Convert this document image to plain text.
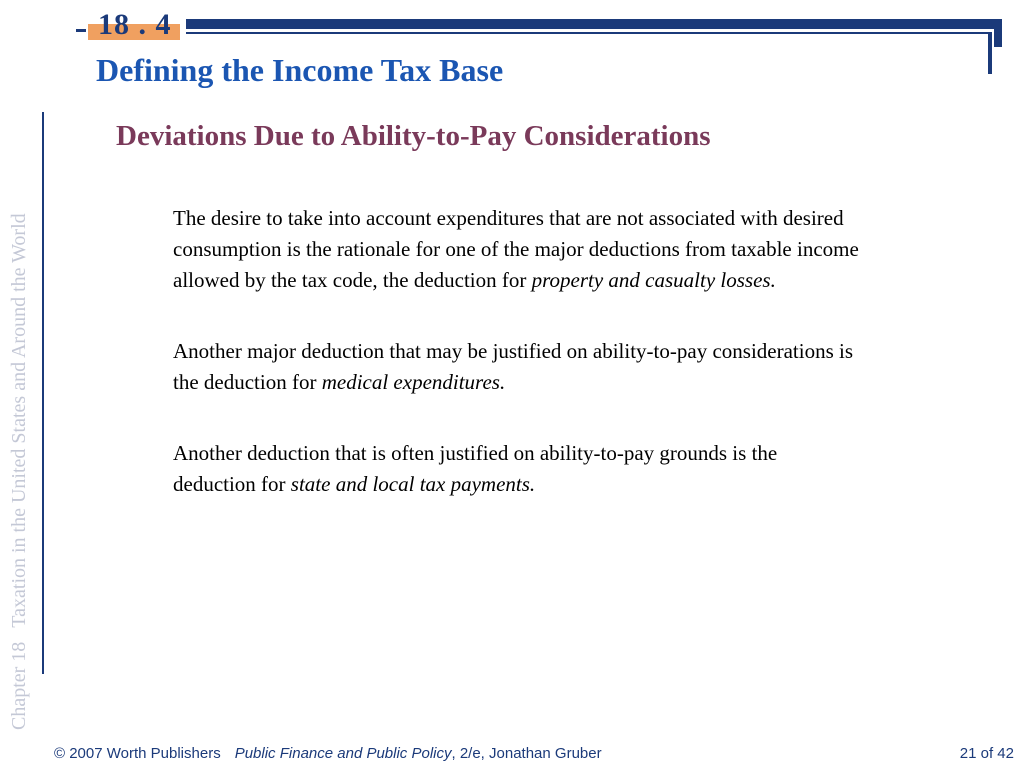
18 . 4
Defining the Income Tax Base
Deviations Due to Ability-to-Pay Considerations
Chapter 18Taxation in the United States and Around the World	The desire to take into account expenditures that are not associated with desired consumption is the rationale for one of the major deductions from taxable income allowed by the tax code, the deduction for property and casualty losses.

Another major deduction that may be justified on ability-to-pay considerations is the deduction for medical expenditures.

Another deduction that is often justified on ability-to-pay grounds is the deduction for state and local tax payments.

© 2007 Worth Publishers Public Finance and Public Policy, 2/e, Jonathan Gruber	21 of 42
